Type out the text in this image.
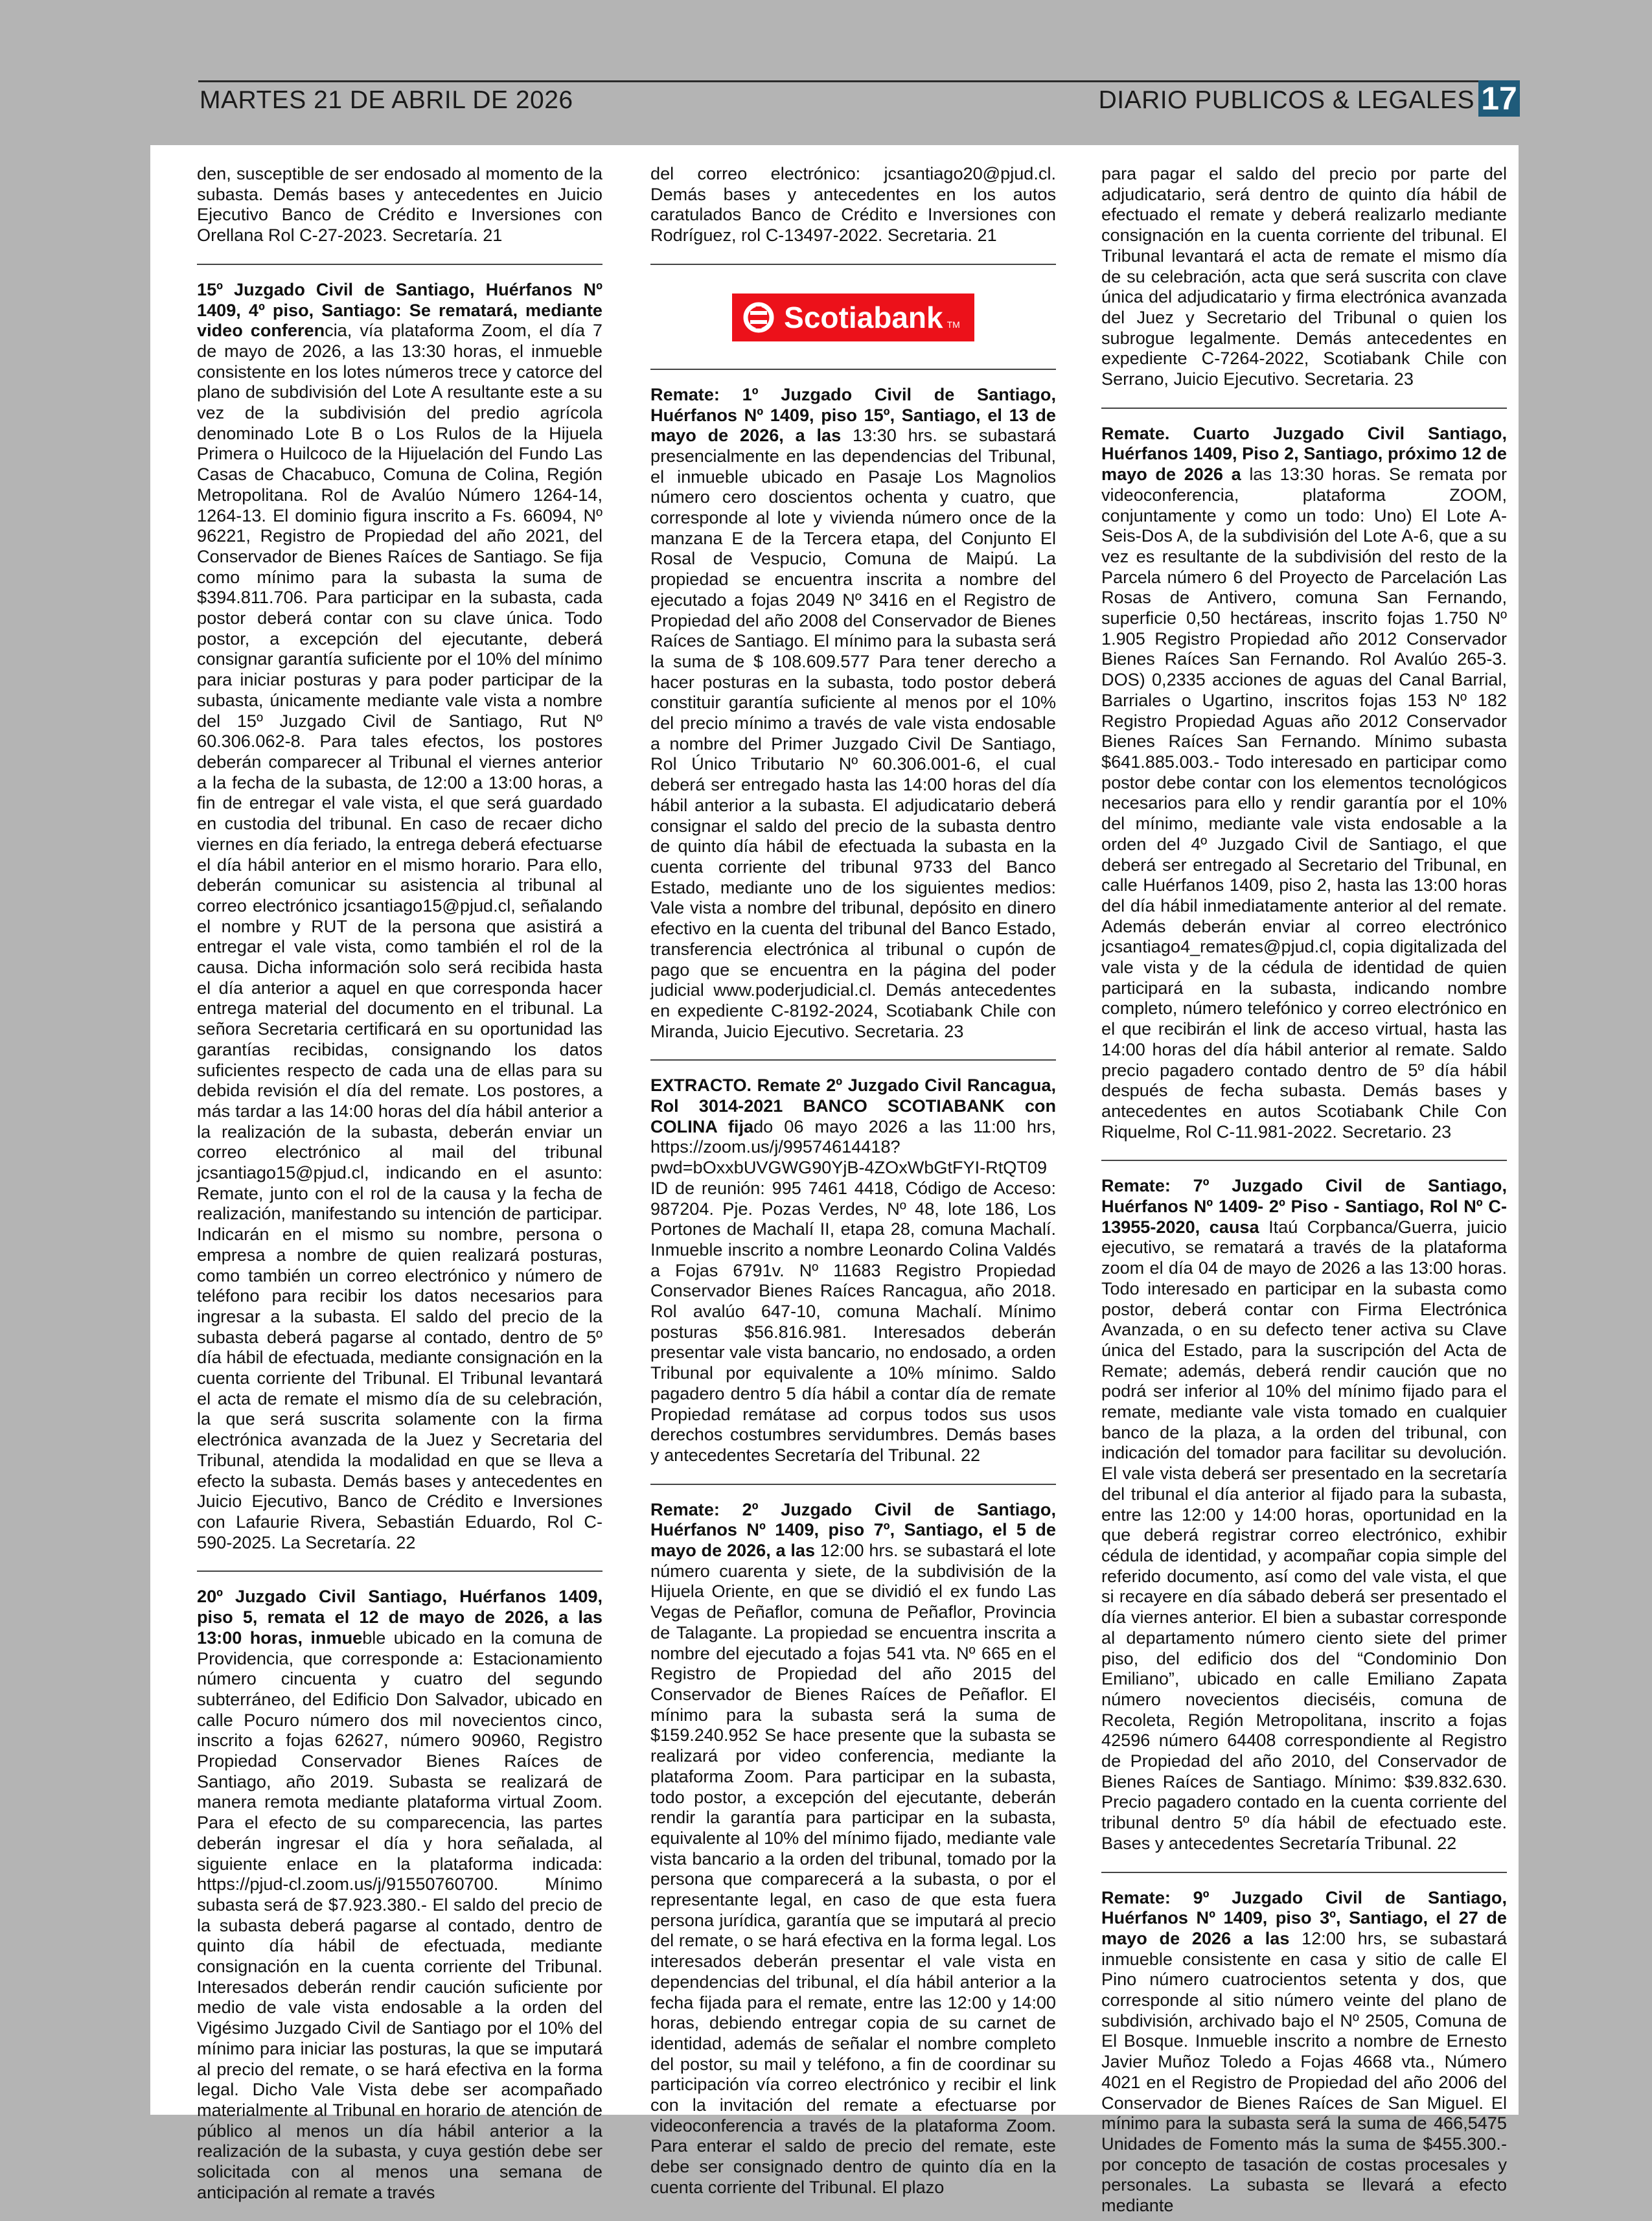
MARTES 21 DE ABRIL DE 2026	DIARIO PUBLICOS & LEGALES 17

den, susceptible de ser endosado al momento de la subasta. Demás bases y antecedentes en Juicio Ejecutivo Banco de Crédito e Inversiones con Orellana Rol C-27-2023. Secretaría. 21

15º Juzgado Civil de Santiago, Huérfanos Nº 1409, 4º piso, Santiago: Se rematará, mediante video conferencia, vía plataforma Zoom, el día 7 de mayo de 2026, a las 13:30 horas, el inmueble consistente en los lotes números trece y catorce del plano de subdivisión del Lote A resultante este a su vez de la subdivisión del predio agrícola denominado Lote B o Los Rulos de la Hijuela Primera o Huilcoco de la Hijuelación del Fundo Las Casas de Chacabuco, Comuna de Colina, Región Metropolitana. Rol de Avalúo Número 1264-14, 1264-13. El dominio figura inscrito a Fs. 66094, Nº 96221, Registro de Propiedad del año 2021, del Conservador de Bienes Raíces de Santiago. Se fija como mínimo para la subasta la suma de $394.811.706. Para participar en la subasta, cada postor deberá contar con su clave única. Todo postor, a excepción del ejecutante, deberá consignar garantía suficiente por el 10% del mínimo para iniciar posturas y para poder participar de la subasta, únicamente mediante vale vista a nombre del 15º Juzgado Civil de Santiago, Rut Nº 60.306.062-8. Para tales efectos, los postores deberán comparecer al Tribunal el viernes anterior a la fecha de la subasta, de 12:00 a 13:00 horas, a fin de entregar el vale vista, el que será guardado en custodia del tribunal. En caso de recaer dicho viernes en día feriado, la entrega deberá efectuarse el día hábil anterior en el mismo horario. Para ello, deberán comunicar su asistencia al tribunal al correo electrónico jcsantiago15@pjud.cl, señalando el nombre y RUT de la persona que asistirá a entregar el vale vista, como también el rol de la causa. Dicha información solo será recibida hasta el día anterior a aquel en que corresponda hacer entrega material del documento en el tribunal. La señora Secretaria certificará en su oportunidad las garantías recibidas, consignando los datos suficientes respecto de cada una de ellas para su debida revisión el día del remate. Los postores, a más tardar a las 14:00 horas del día hábil anterior a la realización de la subasta, deberán enviar un correo electrónico al mail del tribunal jcsantiago15@pjud.cl, indicando en el asunto: Remate, junto con el rol de la causa y la fecha de realización, manifestando su intención de participar. Indicarán en el mismo su nombre, persona o empresa a nombre de quien realizará posturas, como también un correo electrónico y número de teléfono para recibir los datos necesarios para ingresar a la subasta. El saldo del precio de la subasta deberá pagarse al contado, dentro de 5º día hábil de efectuada, mediante consignación en la cuenta corriente del Tribunal. El Tribunal levantará el acta de remate el mismo día de su celebración, la que será suscrita solamente con la firma electrónica avanzada de la Juez y Secretaria del Tribunal, atendida la modalidad en que se lleva a efecto la subasta. Demás bases y antecedentes en Juicio Ejecutivo, Banco de Crédito e Inversiones con Lafaurie Rivera, Sebastián Eduardo, Rol C-590-2025. La Secretaría. 22

20º Juzgado Civil Santiago, Huérfanos 1409, piso 5, remata el 12 de mayo de 2026, a las 13:00 horas, inmueble ubicado en la comuna de Providencia, que corresponde a: Estacionamiento número cincuenta y cuatro del segundo subterráneo, del Edificio Don Salvador, ubicado en calle Pocuro número dos mil novecientos cinco, inscrito a fojas 62627, número 90960, Registro Propiedad Conservador Bienes Raíces de Santiago, año 2019. Subasta se realizará de manera remota mediante plataforma virtual Zoom. Para el efecto de su comparecencia, las partes deberán ingresar el día y hora señalada, al siguiente enlace en la plataforma indicada: https://pjud-cl.zoom.us/j/91550760700. Mínimo subasta será de $7.923.380.- El saldo del precio de la subasta deberá pagarse al contado, dentro de quinto día hábil de efectuada, mediante consignación en la cuenta corriente del Tribunal. Interesados deberán rendir caución suficiente por medio de vale vista endosable a la orden del Vigésimo Juzgado Civil de Santiago por el 10% del mínimo para iniciar las posturas, la que se imputará al precio del remate, o se hará efectiva en la forma legal. Dicho Vale Vista debe ser acompañado materialmente al Tribunal en horario de atención de público al menos un día hábil anterior a la realización de la subasta, y cuya gestión debe ser solicitada con al menos una semana de anticipación al remate a través

del correo electrónico: jcsantiago20@pjud.cl. Demás bases y antecedentes en los autos caratulados Banco de Crédito e Inversiones con Rodríguez, rol C-13497-2022. Secretaria. 21

Scotiabank TM

Remate: 1º Juzgado Civil de Santiago, Huérfanos Nº 1409, piso 15º, Santiago, el 13 de mayo de 2026, a las 13:30 hrs. se subastará presencialmente en las dependencias del Tribunal, el inmueble ubicado en Pasaje Los Magnolios número cero doscientos ochenta y cuatro, que corresponde al lote y vivienda número once de la manzana E de la Tercera etapa, del Conjunto El Rosal de Vespucio, Comuna de Maipú. La propiedad se encuentra inscrita a nombre del ejecutado a fojas 2049 Nº 3416 en el Registro de Propiedad del año 2008 del Conservador de Bienes Raíces de Santiago. El mínimo para la subasta será la suma de $ 108.609.577 Para tener derecho a hacer posturas en la subasta, todo postor deberá constituir garantía suficiente al menos por el 10% del precio mínimo a través de vale vista endosable a nombre del Primer Juzgado Civil De Santiago, Rol Único Tributario Nº 60.306.001-6, el cual deberá ser entregado hasta las 14:00 horas del día hábil anterior a la subasta. El adjudicatario deberá consignar el saldo del precio de la subasta dentro de quinto día hábil de efectuada la subasta en la cuenta corriente del tribunal 9733 del Banco Estado, mediante uno de los siguientes medios: Vale vista a nombre del tribunal, depósito en dinero efectivo en la cuenta del tribunal del Banco Estado, transferencia electrónica al tribunal o cupón de pago que se encuentra en la página del poder judicial www.poderjudicial.cl. Demás antecedentes en expediente C-8192-2024, Scotiabank Chile con Miranda, Juicio Ejecutivo. Secretaria. 23

EXTRACTO. Remate 2º Juzgado Civil Rancagua, Rol 3014-2021 BANCO SCOTIABANK con COLINA fijado 06 mayo 2026 a las 11:00 hrs, https://zoom.us/j/99574614418?pwd=bOxxbUVGWG90YjB-4ZOxWbGtFYI-RtQT09 ID de reunión: 995 7461 4418, Código de Acceso: 987204. Pje. Pozas Verdes, Nº 48, lote 186, Los Portones de Machalí II, etapa 28, comuna Machalí. Inmueble inscrito a nombre Leonardo Colina Valdés a Fojas 6791v. Nº 11683 Registro Propiedad Conservador Bienes Raíces Rancagua, año 2018. Rol avalúo 647-10, comuna Machalí. Mínimo posturas $56.816.981. Interesados deberán presentar vale vista bancario, no endosado, a orden Tribunal por equivalente a 10% mínimo. Saldo pagadero dentro 5 día hábil a contar día de remate Propiedad remátase ad corpus todos sus usos derechos costumbres servidumbres. Demás bases y antecedentes Secretaría del Tribunal. 22

Remate: 2º Juzgado Civil de Santiago, Huérfanos Nº 1409, piso 7º, Santiago, el 5 de mayo de 2026, a las 12:00 hrs. se subastará el lote número cuarenta y siete, de la subdivisión de la Hijuela Oriente, en que se dividió el ex fundo Las Vegas de Peñaflor, comuna de Peñaflor, Provincia de Talagante. La propiedad se encuentra inscrita a nombre del ejecutado a fojas 541 vta. Nº 665 en el Registro de Propiedad del año 2015 del Conservador de Bienes Raíces de Peñaflor. El mínimo para la subasta será la suma de $159.240.952 Se hace presente que la subasta se realizará por video conferencia, mediante la plataforma Zoom. Para participar en la subasta, todo postor, a excepción del ejecutante, deberán rendir la garantía para participar en la subasta, equivalente al 10% del mínimo fijado, mediante vale vista bancario a la orden del tribunal, tomado por la persona que comparecerá a la subasta, o por el representante legal, en caso de que esta fuera persona jurídica, garantía que se imputará al precio del remate, o se hará efectiva en la forma legal. Los interesados deberán presentar el vale vista en dependencias del tribunal, el día hábil anterior a la fecha fijada para el remate, entre las 12:00 y 14:00 horas, debiendo entregar copia de su carnet de identidad, además de señalar el nombre completo del postor, su mail y teléfono, a fin de coordinar su participación vía correo electrónico y recibir el link con la invitación del remate a efectuarse por videoconferencia a través de la plataforma Zoom. Para enterar el saldo de precio del remate, este debe ser consignado dentro de quinto día en la cuenta corriente del Tribunal. El plazo

para pagar el saldo del precio por parte del adjudicatario, será dentro de quinto día hábil de efectuado el remate y deberá realizarlo mediante consignación en la cuenta corriente del tribunal. El Tribunal levantará el acta de remate el mismo día de su celebración, acta que será suscrita con clave única del adjudicatario y firma electrónica avanzada del Juez y Secretario del Tribunal o quien los subrogue legalmente. Demás antecedentes en expediente C-7264-2022, Scotiabank Chile con Serrano, Juicio Ejecutivo. Secretaria. 23

Remate. Cuarto Juzgado Civil Santiago, Huérfanos 1409, Piso 2, Santiago, próximo 12 de mayo de 2026 a las 13:30 horas. Se remata por videoconferencia, plataforma ZOOM, conjuntamente y como un todo: Uno) El Lote A-Seis-Dos A, de la subdivisión del Lote A-6, que a su vez es resultante de la subdivisión del resto de la Parcela número 6 del Proyecto de Parcelación Las Rosas de Antivero, comuna San Fernando, superficie 0,50 hectáreas, inscrito fojas 1.750 Nº 1.905 Registro Propiedad año 2012 Conservador Bienes Raíces San Fernando. Rol Avalúo 265-3. DOS) 0,2335 acciones de aguas del Canal Barrial, Barriales o Ugartino, inscritos fojas 153 Nº 182 Registro Propiedad Aguas año 2012 Conservador Bienes Raíces San Fernando. Mínimo subasta $641.885.003.- Todo interesado en participar como postor debe contar con los elementos tecnológicos necesarios para ello y rendir garantía por el 10% del mínimo, mediante vale vista endosable a la orden del 4º Juzgado Civil de Santiago, el que deberá ser entregado al Secretario del Tribunal, en calle Huérfanos 1409, piso 2, hasta las 13:00 horas del día hábil inmediatamente anterior al del remate. Además deberán enviar al correo electrónico jcsantiago4_remates@pjud.cl, copia digitalizada del vale vista y de la cédula de identidad de quien participará en la subasta, indicando nombre completo, número telefónico y correo electrónico en el que recibirán el link de acceso virtual, hasta las 14:00 horas del día hábil anterior al remate. Saldo precio pagadero contado dentro de 5º día hábil después de fecha subasta. Demás bases y antecedentes en autos Scotiabank Chile Con Riquelme, Rol C-11.981-2022. Secretario. 23

Remate: 7º Juzgado Civil de Santiago, Huérfanos Nº 1409- 2º Piso - Santiago, Rol Nº C-13955-2020, causa Itaú Corpbanca/Guerra, juicio ejecutivo, se rematará a través de la plataforma zoom el día 04 de mayo de 2026 a las 13:00 horas. Todo interesado en participar en la subasta como postor, deberá contar con Firma Electrónica Avanzada, o en su defecto tener activa su Clave única del Estado, para la suscripción del Acta de Remate; además, deberá rendir caución que no podrá ser inferior al 10% del mínimo fijado para el remate, mediante vale vista tomado en cualquier banco de la plaza, a la orden del tribunal, con indicación del tomador para facilitar su devolución. El vale vista deberá ser presentado en la secretaría del tribunal el día anterior al fijado para la subasta, entre las 12:00 y 14:00 horas, oportunidad en la que deberá registrar correo electrónico, exhibir cédula de identidad, y acompañar copia simple del referido documento, así como del vale vista, el que si recayere en día sábado deberá ser presentado el día viernes anterior. El bien a subastar corresponde al departamento número ciento siete del primer piso, del edificio dos del “Condominio Don Emiliano”, ubicado en calle Emiliano Zapata número novecientos dieciséis, comuna de Recoleta, Región Metropolitana, inscrito a fojas 42596 número 64408 correspondiente al Registro de Propiedad del año 2010, del Conservador de Bienes Raíces de Santiago. Mínimo: $39.832.630. Precio pagadero contado en la cuenta corriente del tribunal dentro 5º día hábil de efectuado este. Bases y antecedentes Secretaría Tribunal. 22

Remate: 9º Juzgado Civil de Santiago, Huérfanos Nº 1409, piso 3º, Santiago, el 27 de mayo de 2026 a las 12:00 hrs, se subastará inmueble consistente en casa y sitio de calle El Pino número cuatrocientos setenta y dos, que corresponde al sitio número veinte del plano de subdivisión, archivado bajo el Nº 2505, Comuna de El Bosque. Inmueble inscrito a nombre de Ernesto Javier Muñoz Toledo a Fojas 4668 vta., Número 4021 en el Registro de Propiedad del año 2006 del Conservador de Bienes Raíces de San Miguel. El mínimo para la subasta será la suma de 466,5475 Unidades de Fomento más la suma de $455.300.- por concepto de tasación de costas procesales y personales. La subasta se llevará a efecto mediante
